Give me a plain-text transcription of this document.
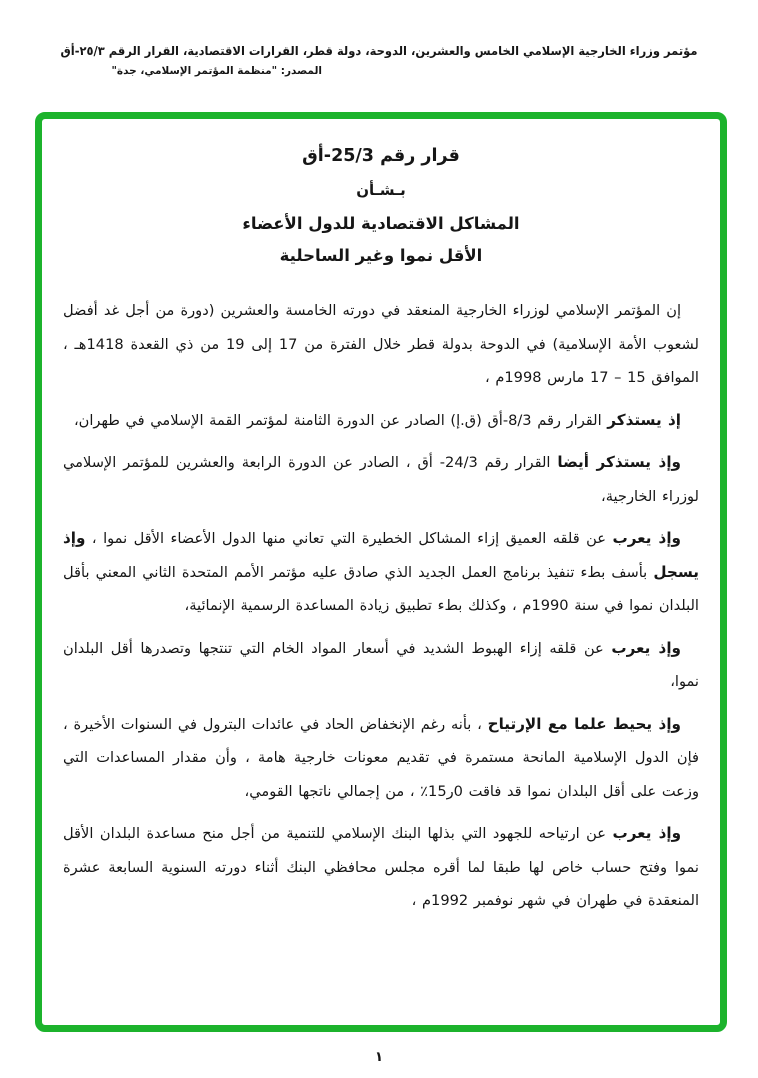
مؤتمر وزراء الخارجية الإسلامي الخامس والعشرين، الدوحة، دولة قطر، القرارات الاقتصادية، القرار الرقم ٢٥/٣-أق
المصدر: "منظمة المؤتمر الإسلامي، جدة"
قرار رقم 25/3-أق
بـشـأن
المشاكل الاقتصادية للدول الأعضاء
الأقل نموا وغير الساحلية

إن المؤتمر الإسلامي لوزراء الخارجية المنعقد في دورته الخامسة والعشرين (دورة من أجل غد أفضل لشعوب الأمة الإسلامية) في الدوحة بدولة قطر خلال الفترة من 17 إلى 19 من ذي القعدة 1418هـ ، الموافق 15 – 17 مارس 1998م ،

إذ يستذكر القرار رقم 8/3-أق (ق.إ) الصادر عن الدورة الثامنة لمؤتمر القمة الإسلامي في طهران،

وإذ يستذكر أيضا القرار رقم 24/3- أق ، الصادر عن الدورة الرابعة والعشرين للمؤتمر الإسلامي لوزراء الخارجية،

وإذ يعرب عن قلقه العميق إزاء المشاكل الخطيرة التي تعاني منها الدول الأعضاء الأقل نموا ، وإذ يسجل بأسف بطء تنفيذ برنامج العمل الجديد الذي صادق عليه مؤتمر الأمم المتحدة الثاني المعني بأقل البلدان نموا في سنة 1990م ، وكذلك بطء تطبيق زيادة المساعدة الرسمية الإنمائية،

وإذ يعرب عن قلقه إزاء الهبوط الشديد في أسعار المواد الخام التي تنتجها وتصدرها أقل البلدان نموا،

وإذ يحيط علما مع الإرتياح ، بأنه رغم الإنخفاض الحاد في عائدات البترول في السنوات الأخيرة ، فإن الدول الإسلامية المانحة مستمرة في تقديم معونات خارجية هامة ، وأن مقدار المساعدات التي وزعت على أقل البلدان نموا قد فاقت 0ر15٪ ، من إجمالي ناتجها القومي،

وإذ يعرب عن ارتياحه للجهود التي بذلها البنك الإسلامي للتنمية من أجل منح مساعدة البلدان الأقل نموا وفتح حساب خاص لها طبقا لما أقره مجلس محافظي البنك أثناء دورته السنوية السابعة عشرة المنعقدة في طهران في شهر نوفمبر 1992م ،

١
